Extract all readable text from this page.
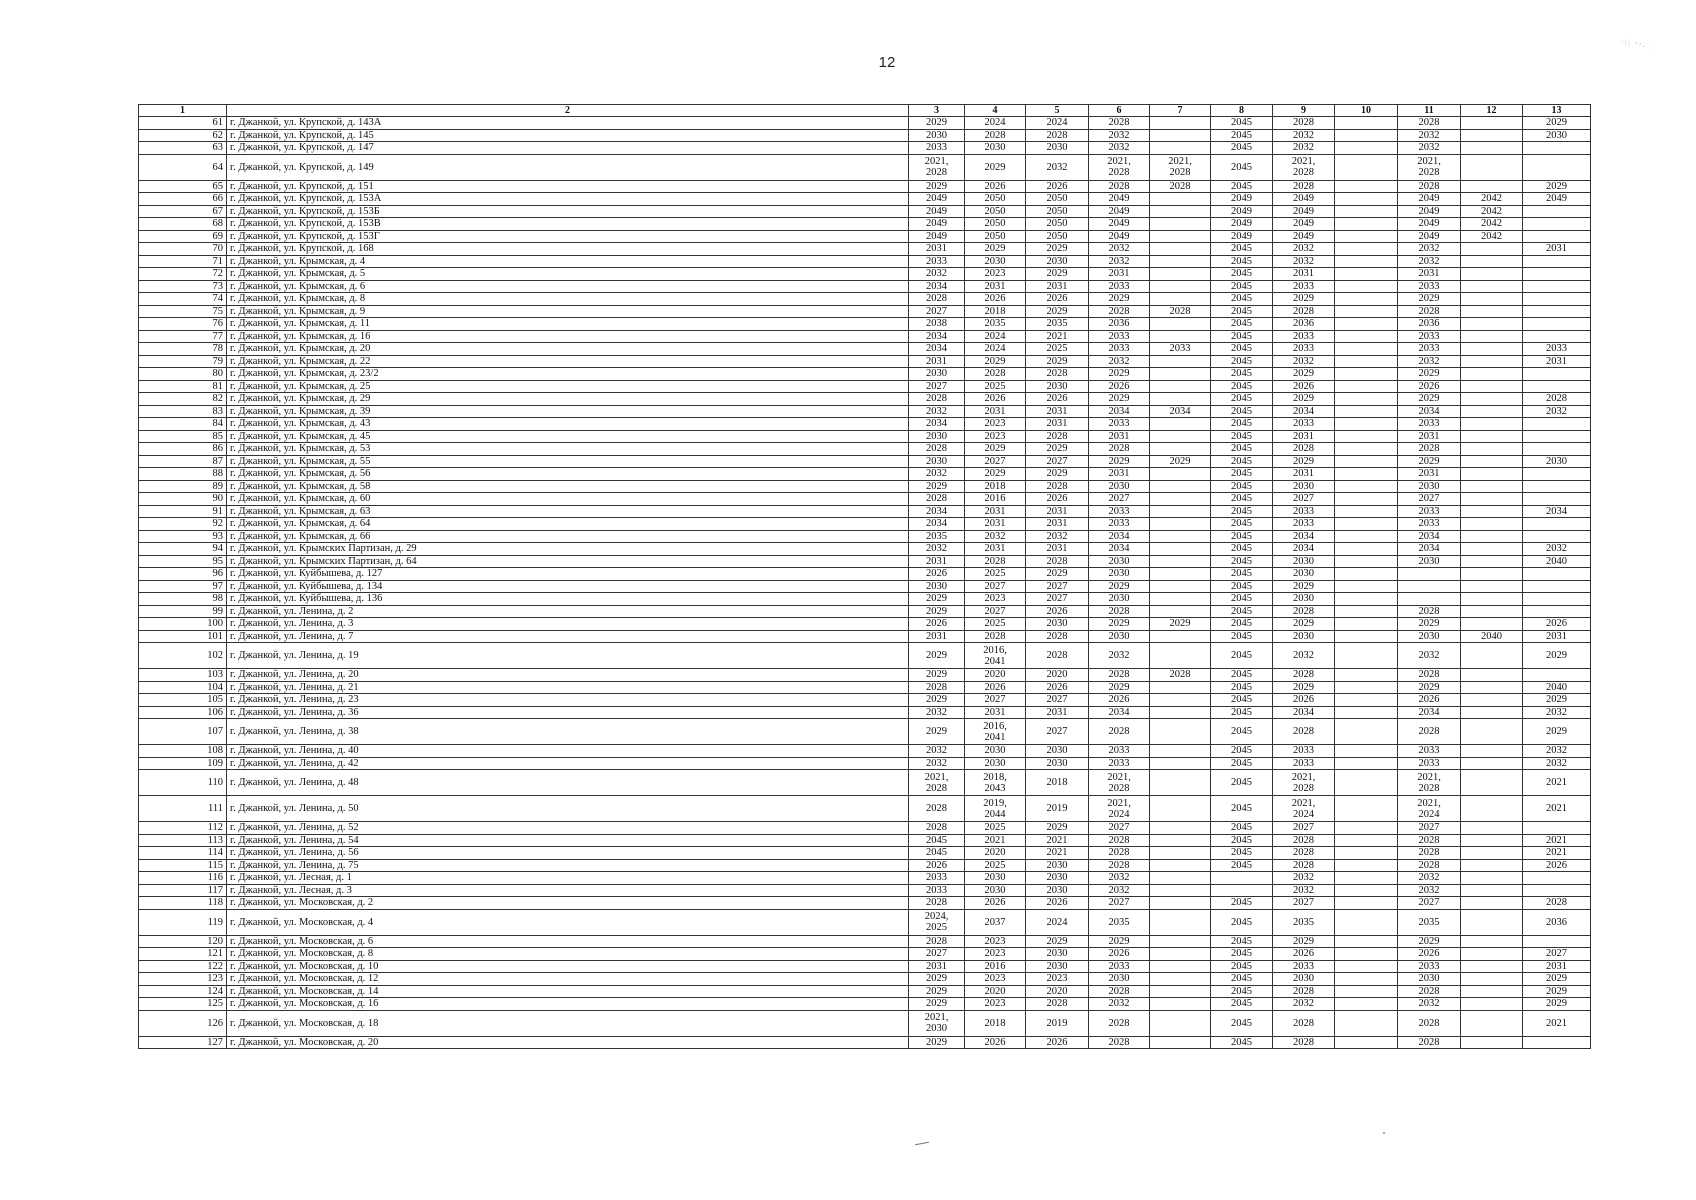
12
·\\ ‘’· ·
1	2	3	4	5	6	7	8	9	10	11	12	13
61	г. Джанкой, ул. Крупской, д. 143А	2029	2024	2024	2028		2045	2028		2028		2029
62	г. Джанкой, ул. Крупской, д. 145	2030	2028	2028	2032		2045	2032		2032		2030
63	г. Джанкой, ул. Крупской, д. 147	2033	2030	2030	2032		2045	2032		2032		
64	г. Джанкой, ул. Крупской, д. 149	2021,
2028	2029	2032	2021,
2028	2021,
2028	2045	2021,
2028		2021,
2028		
65	г. Джанкой, ул. Крупской, д. 151	2029	2026	2026	2028	2028	2045	2028		2028		2029
66	г. Джанкой, ул. Крупской, д. 153А	2049	2050	2050	2049		2049	2049		2049	2042	2049
67	г. Джанкой, ул. Крупской, д. 153Б	2049	2050	2050	2049		2049	2049		2049	2042	
68	г. Джанкой, ул. Крупской, д. 153В	2049	2050	2050	2049		2049	2049		2049	2042	
69	г. Джанкой, ул. Крупской, д. 153Г	2049	2050	2050	2049		2049	2049		2049	2042	
70	г. Джанкой, ул. Крупской, д. 168	2031	2029	2029	2032		2045	2032		2032		2031
71	г. Джанкой, ул. Крымская, д. 4	2033	2030	2030	2032		2045	2032		2032		
72	г. Джанкой, ул. Крымская, д. 5	2032	2023	2029	2031		2045	2031		2031		
73	г. Джанкой, ул. Крымская, д. 6	2034	2031	2031	2033		2045	2033		2033		
74	г. Джанкой, ул. Крымская, д. 8	2028	2026	2026	2029		2045	2029		2029		
75	г. Джанкой, ул. Крымская, д. 9	2027	2018	2029	2028	2028	2045	2028		2028		
76	г. Джанкой, ул. Крымская, д. 11	2038	2035	2035	2036		2045	2036		2036		
77	г. Джанкой, ул. Крымская, д. 16	2034	2024	2021	2033		2045	2033		2033		
78	г. Джанкой, ул. Крымская, д. 20	2034	2024	2025	2033	2033	2045	2033		2033		2033
79	г. Джанкой, ул. Крымская, д. 22	2031	2029	2029	2032		2045	2032		2032		2031
80	г. Джанкой, ул. Крымская, д. 23/2	2030	2028	2028	2029		2045	2029		2029		
81	г. Джанкой, ул. Крымская, д. 25	2027	2025	2030	2026		2045	2026		2026		
82	г. Джанкой, ул. Крымская, д. 29	2028	2026	2026	2029		2045	2029		2029		2028
83	г. Джанкой, ул. Крымская, д. 39	2032	2031	2031	2034	2034	2045	2034		2034		2032
84	г. Джанкой, ул. Крымская, д. 43	2034	2023	2031	2033		2045	2033		2033		
85	г. Джанкой, ул. Крымская, д. 45	2030	2023	2028	2031		2045	2031		2031		
86	г. Джанкой, ул. Крымская, д. 53	2028	2029	2029	2028		2045	2028		2028		
87	г. Джанкой, ул. Крымская, д. 55	2030	2027	2027	2029	2029	2045	2029		2029		2030
88	г. Джанкой, ул. Крымская, д. 56	2032	2029	2029	2031		2045	2031		2031		
89	г. Джанкой, ул. Крымская, д. 58	2029	2018	2028	2030		2045	2030		2030		
90	г. Джанкой, ул. Крымская, д. 60	2028	2016	2026	2027		2045	2027		2027		
91	г. Джанкой, ул. Крымская, д. 63	2034	2031	2031	2033		2045	2033		2033		2034
92	г. Джанкой, ул. Крымская, д. 64	2034	2031	2031	2033		2045	2033		2033		
93	г. Джанкой, ул. Крымская, д. 66	2035	2032	2032	2034		2045	2034		2034		
94	г. Джанкой, ул. Крымских Партизан, д. 29	2032	2031	2031	2034		2045	2034		2034		2032
95	г. Джанкой, ул. Крымских Партизан, д. 64	2031	2028	2028	2030		2045	2030		2030		2040
96	г. Джанкой, ул. Куйбышева, д. 127	2026	2025	2029	2030		2045	2030				
97	г. Джанкой, ул. Куйбышева, д. 134	2030	2027	2027	2029		2045	2029				
98	г. Джанкой, ул. Куйбышева, д. 136	2029	2023	2027	2030		2045	2030				
99	г. Джанкой, ул. Ленина, д. 2	2029	2027	2026	2028		2045	2028		2028		
100	г. Джанкой, ул. Ленина, д. 3	2026	2025	2030	2029	2029	2045	2029		2029		2026
101	г. Джанкой, ул. Ленина, д. 7	2031	2028	2028	2030		2045	2030		2030	2040	2031
102	г. Джанкой, ул. Ленина, д. 19	2029	2016,
2041	2028	2032		2045	2032		2032		2029
103	г. Джанкой, ул. Ленина, д. 20	2029	2020	2020	2028	2028	2045	2028		2028		
104	г. Джанкой, ул. Ленина, д. 21	2028	2026	2026	2029		2045	2029		2029		2040
105	г. Джанкой, ул. Ленина, д. 23	2029	2027	2027	2026		2045	2026		2026		2029
106	г. Джанкой, ул. Ленина, д. 36	2032	2031	2031	2034		2045	2034		2034		2032
107	г. Джанкой, ул. Ленина, д. 38	2029	2016,
2041	2027	2028		2045	2028		2028		2029
108	г. Джанкой, ул. Ленина, д. 40	2032	2030	2030	2033		2045	2033		2033		2032
109	г. Джанкой, ул. Ленина, д. 42	2032	2030	2030	2033		2045	2033		2033		2032
110	г. Джанкой, ул. Ленина, д. 48	2021,
2028	2018,
2043	2018	2021,
2028		2045	2021,
2028		2021,
2028		2021
111	г. Джанкой, ул. Ленина, д. 50	2028	2019,
2044	2019	2021,
2024		2045	2021,
2024		2021,
2024		2021
112	г. Джанкой, ул. Ленина, д. 52	2028	2025	2029	2027		2045	2027		2027		
113	г. Джанкой, ул. Ленина, д. 54	2045	2021	2021	2028		2045	2028		2028		2021
114	г. Джанкой, ул. Ленина, д. 56	2045	2020	2021	2028		2045	2028		2028		2021
115	г. Джанкой, ул. Ленина, д. 75	2026	2025	2030	2028		2045	2028		2028		2026
116	г. Джанкой, ул. Лесная, д. 1	2033	2030	2030	2032			2032		2032		
117	г. Джанкой, ул. Лесная, д. 3	2033	2030	2030	2032			2032		2032		
118	г. Джанкой, ул. Московская, д. 2	2028	2026	2026	2027		2045	2027		2027		2028
119	г. Джанкой, ул. Московская, д. 4	2024,
2025	2037	2024	2035		2045	2035		2035		2036
120	г. Джанкой, ул. Московская, д. 6	2028	2023	2029	2029		2045	2029		2029		
121	г. Джанкой, ул. Московская, д. 8	2027	2023	2030	2026		2045	2026		2026		2027
122	г. Джанкой, ул. Московская, д. 10	2031	2016	2030	2033		2045	2033		2033		2031
123	г. Джанкой, ул. Московская, д. 12	2029	2023	2023	2030		2045	2030		2030		2029
124	г. Джанкой, ул. Московская, д. 14	2029	2020	2020	2028		2045	2028		2028		2029
125	г. Джанкой, ул. Московская, д. 16	2029	2023	2028	2032		2045	2032		2032		2029
126	г. Джанкой, ул. Московская, д. 18	2021,
2030	2018	2019	2028		2045	2028		2028		2021
127	г. Джанкой, ул. Московская, д. 20	2029	2026	2026	2028		2045	2028		2028		
